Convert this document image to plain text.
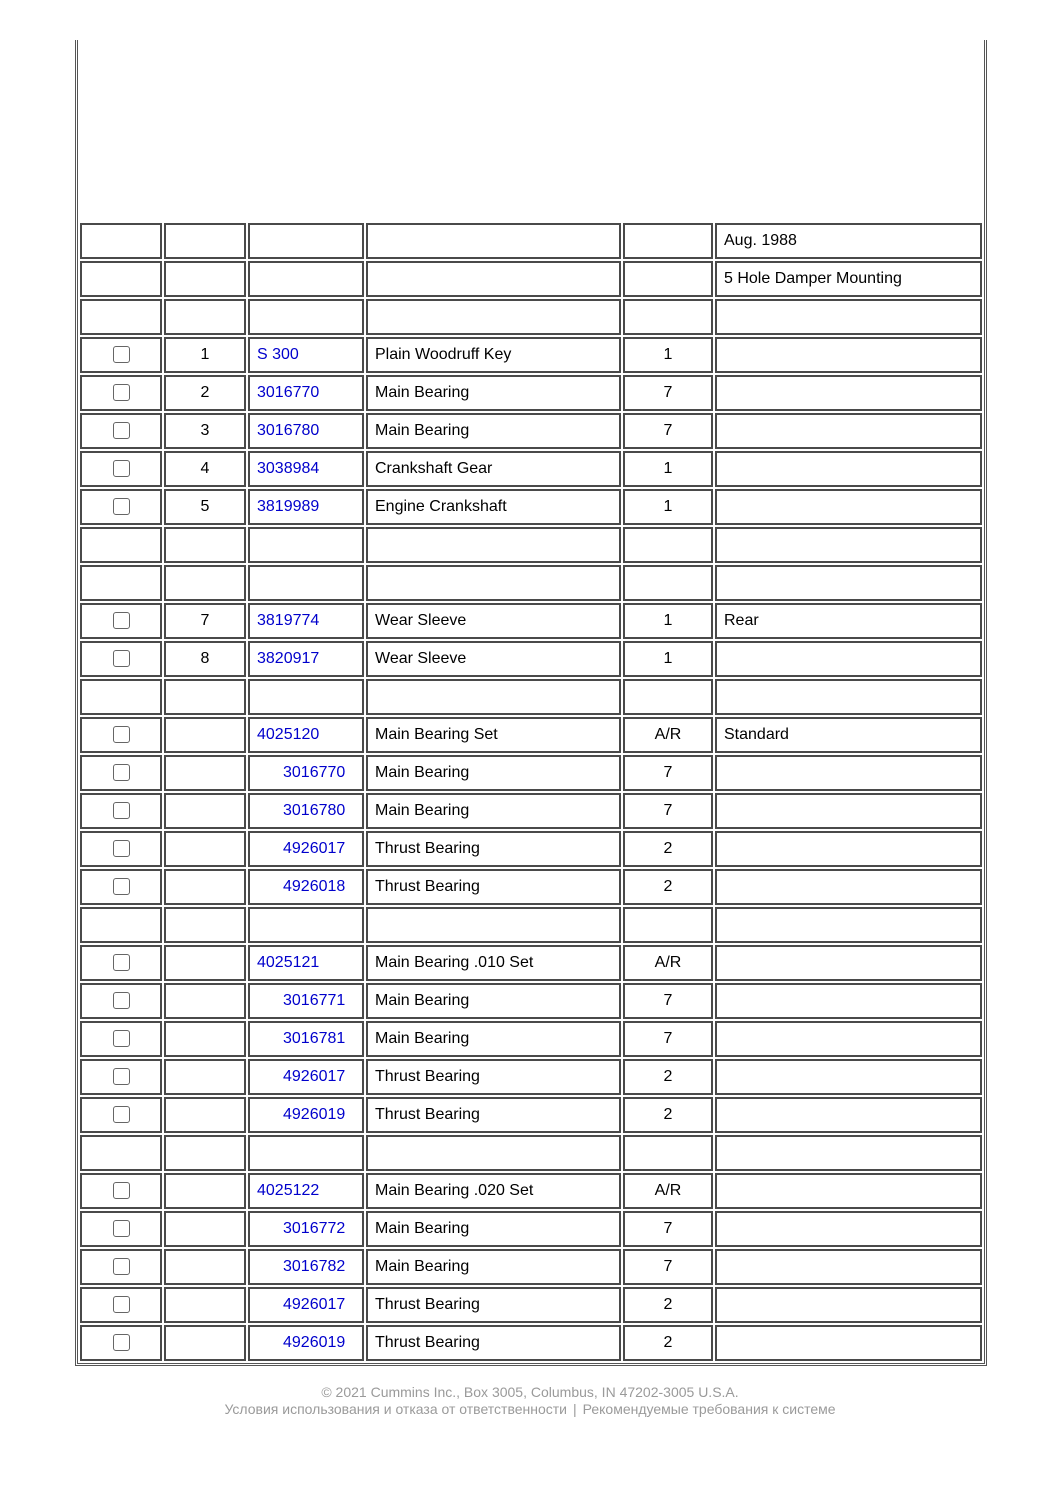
					Aug. 1988
					5 Hole Damper Mounting

	1	S 300	Plain Woodruff Key	1	
	2	3016770	Main Bearing	7	
	3	3016780	Main Bearing	7	
	4	3038984	Crankshaft Gear	1	
	5	3819989	Engine Crankshaft	1	

	7	3819774	Wear Sleeve	1	Rear
	8	3820917	Wear Sleeve	1	

		4025120	Main Bearing Set	A/R	Standard
		3016770	Main Bearing	7	
		3016780	Main Bearing	7	
		4926017	Thrust Bearing	2	
		4926018	Thrust Bearing	2	

		4025121	Main Bearing .010 Set	A/R	
		3016771	Main Bearing	7	
		3016781	Main Bearing	7	
		4926017	Thrust Bearing	2	
		4926019	Thrust Bearing	2	

		4025122	Main Bearing .020 Set	A/R	
		3016772	Main Bearing	7	
		3016782	Main Bearing	7	
		4926017	Thrust Bearing	2	
		4926019	Thrust Bearing	2	
© 2021 Cummins Inc., Box 3005, Columbus, IN 47202-3005 U.S.A.
Условия использования и отказа от ответственности | Рекомендуемые требования к системе
